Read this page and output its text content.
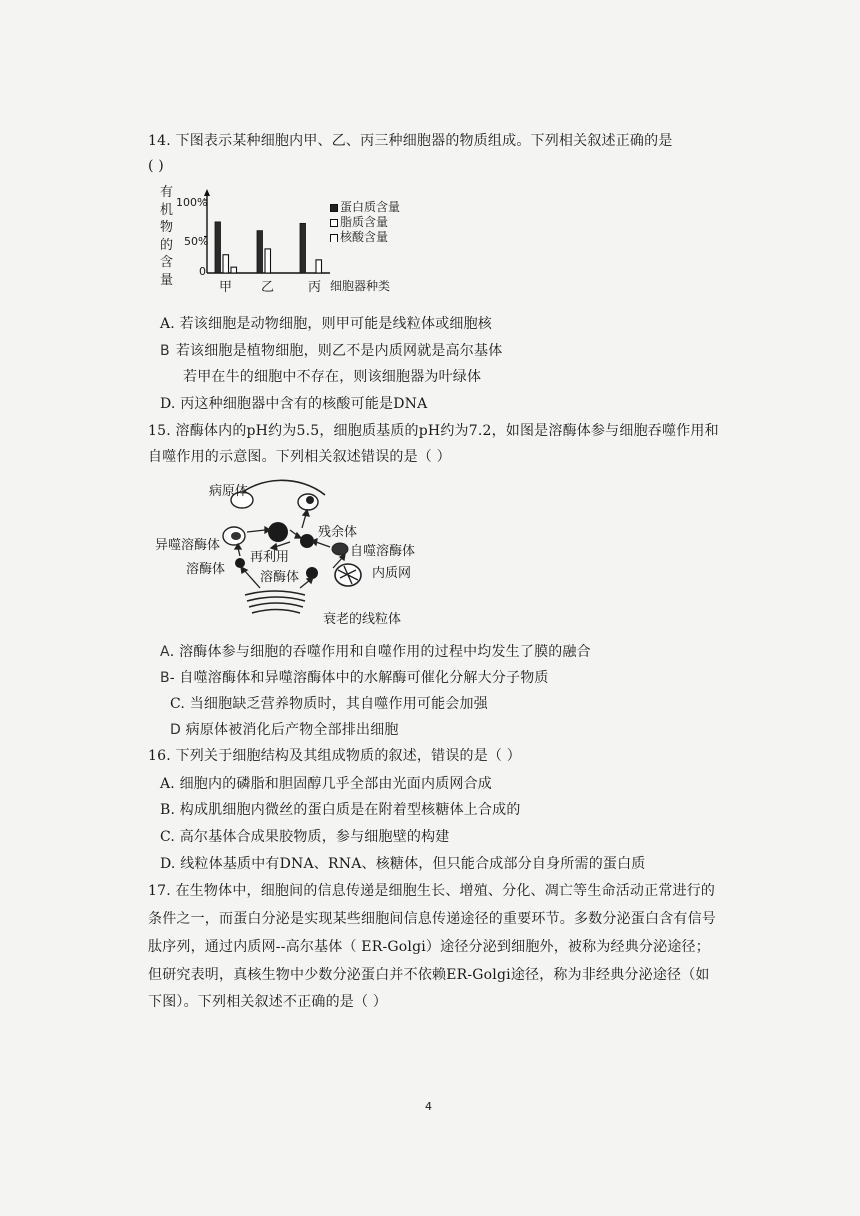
14. 下图表示某种细胞内甲、乙、丙三种细胞器的物质组成。下列相关叙述正确的是
( )
有机物的含量
100%
50%
0
甲 乙	丙 细胞器种类
蛋白质含量
脂质含量
核酸含量
A. 若该细胞是动物细胞，则甲可能是线粒体或细胞核
B 若该细胞是植物细胞，则乙不是内质网就是高尔基体
若甲在牛的细胞中不存在，则该细胞器为叶绿体
D. 丙这种细胞器中含有的核酸可能是DNA
15. 溶酶体内的pH约为5.5，细胞质基质的pH约为7.2，如图是溶酶体参与细胞吞噬作用和
自噬作用的示意图。下列相关叙述错误的是（ ）
病原体
残余体
异噬溶酶体
再利用	自噬溶酶体
溶酶体
溶酶体	内质网
衰老的线粒体
A. 溶酶体参与细胞的吞噬作用和自噬作用的过程中均发生了膜的融合
B- 自噬溶酶体和异噬溶酶体中的水解酶可催化分解大分子物质
C. 当细胞缺乏营养物质时，其自噬作用可能会加强
D 病原体被消化后产物全部排出细胞
16. 下列关于细胞结构及其组成物质的叙述，错误的是（ ）
A. 细胞内的磷脂和胆固醇几乎全部由光面内质网合成
B. 构成肌细胞内微丝的蛋白质是在附着型核糖体上合成的
C. 高尔基体合成果胶物质，参与细胞壁的构建
D. 线粒体基质中有DNA、RNA、核糖体，但只能合成部分自身所需的蛋白质
17. 在生物体中，细胞间的信息传递是细胞生长、增殖、分化、凋亡等生命活动正常进行的
条件之一，而蛋白分泌是实现某些细胞间信息传递途径的重要环节。多数分泌蛋白含有信号
肽序列，通过内质网--高尔基体（ ER-Golgi）途径分泌到细胞外，被称为经典分泌途径；
但研究表明，真核生物中少数分泌蛋白并不依赖ER-Golgi途径，称为非经典分泌途径（如
下图）。下列相关叙述不正确的是（ ）
4
